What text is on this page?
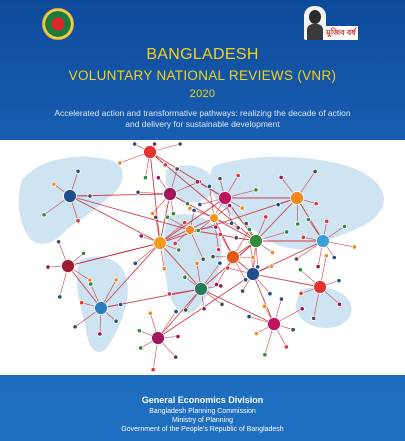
মুজিব বর্ষ
BANGLADESH
VOLUNTARY NATIONAL REVIEWS (VNR)
2020
Accelerated action and transformative pathways: realizing the decade of action and delivery for sustainable development
General Economics Division
Bangladesh Planning Commission
Ministry of Planning
Government of the People's Republic of Bangladesh
